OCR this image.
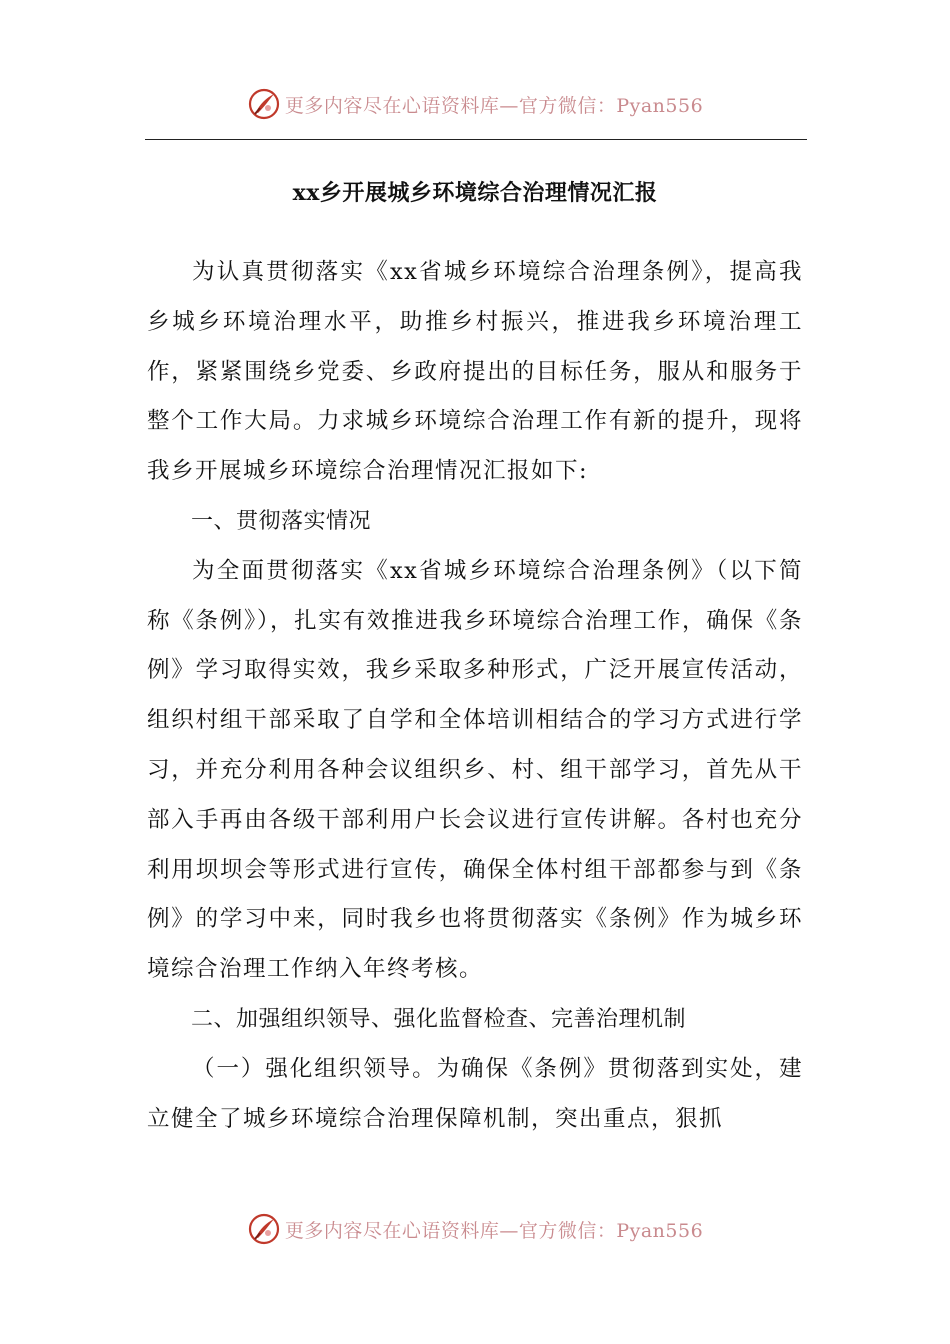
更多内容尽在心语资料库—官方微信：Pyan556
xx乡开展城乡环境综合治理情况汇报

为认真贯彻落实《xx省城乡环境综合治理条例》，提高我乡城乡环境治理水平，助推乡村振兴，推进我乡环境治理工作，紧紧围绕乡党委、乡政府提出的目标任务，服从和服务于整个工作大局。力求城乡环境综合治理工作有新的提升，现将我乡开展城乡环境综合治理情况汇报如下:

一、贯彻落实情况

为全面贯彻落实《xx省城乡环境综合治理条例》（以下简称《条例》），扎实有效推进我乡环境综合治理工作，确保《条例》学习取得实效，我乡采取多种形式，广泛开展宣传活动，组织村组干部采取了自学和全体培训相结合的学习方式进行学习，并充分利用各种会议组织乡、村、组干部学习，首先从干部入手再由各级干部利用户长会议进行宣传讲解。各村也充分利用坝坝会等形式进行宣传，确保全体村组干部都参与到《条例》的学习中来，同时我乡也将贯彻落实《条例》作为城乡环境综合治理工作纳入年终考核。

二、加强组织领导、强化监督检查、完善治理机制

（一）强化组织领导。为确保《条例》贯彻落到实处，建立健全了城乡环境综合治理保障机制，突出重点，狠抓

更多内容尽在心语资料库—官方微信：Pyan556
